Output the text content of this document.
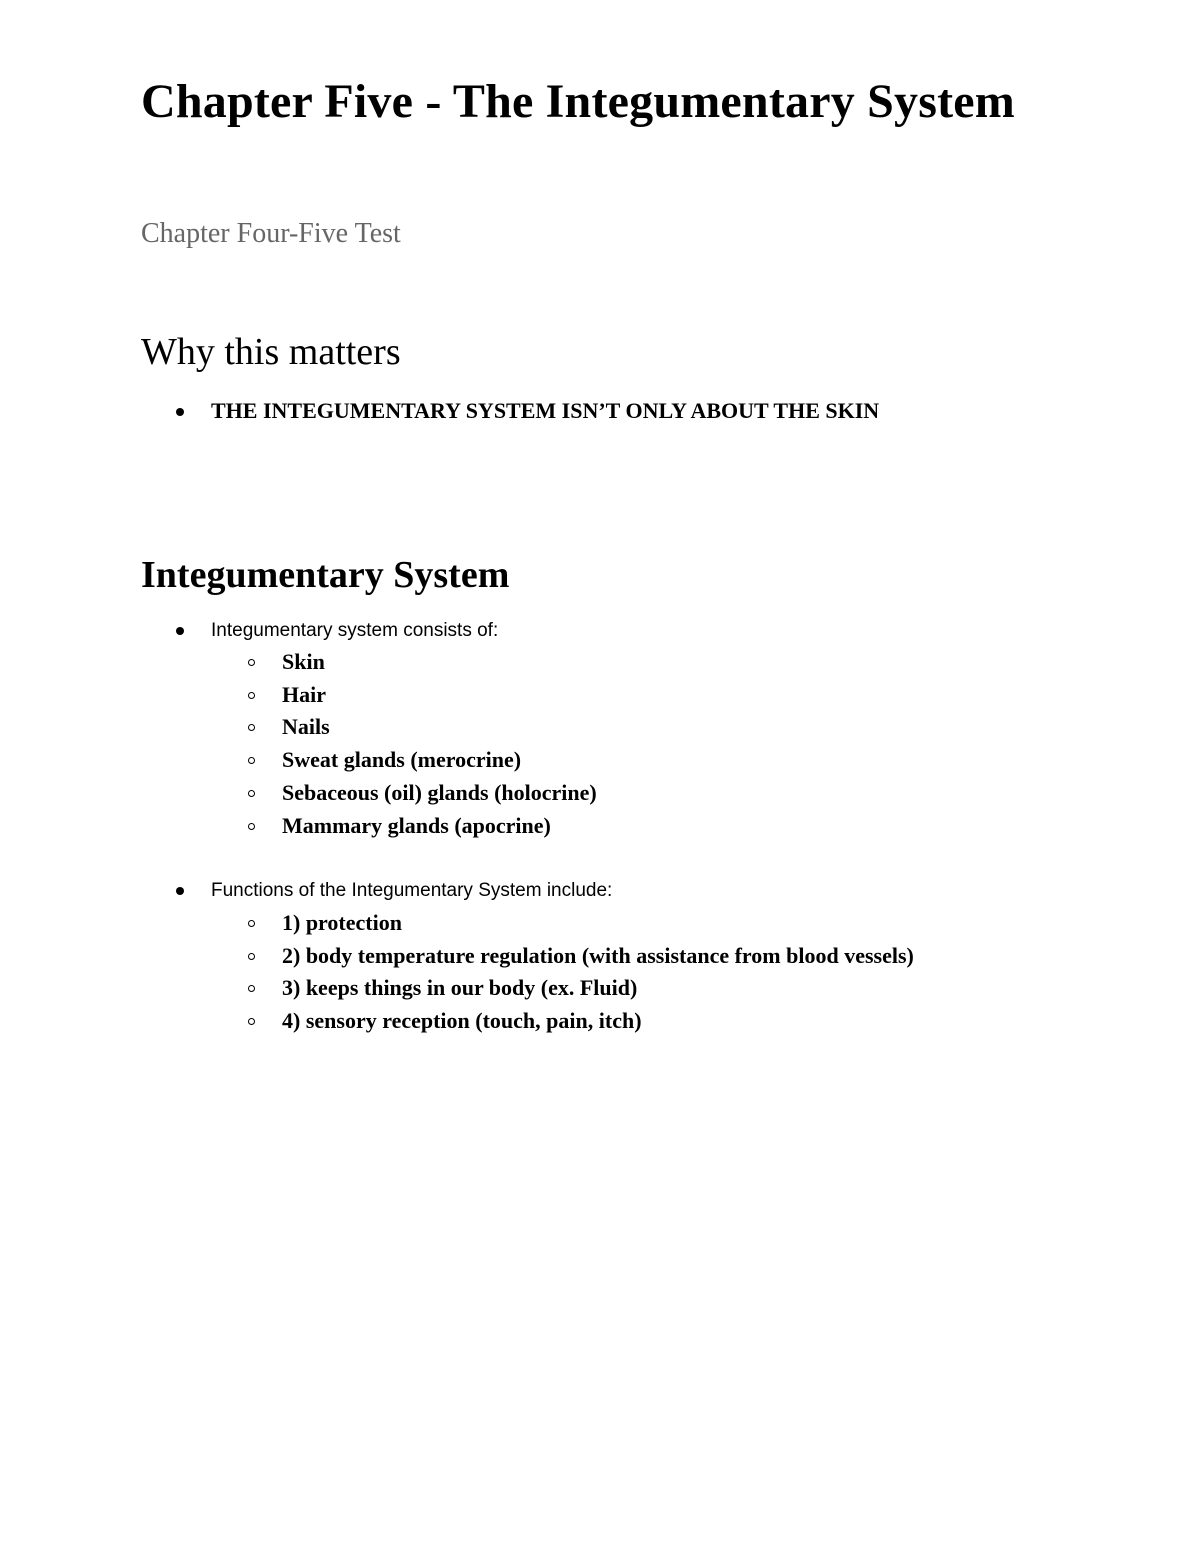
Chapter Five - The Integumentary System

Chapter Four-Five Test

Why this matters
THE INTEGUMENTARY SYSTEM ISN’T ONLY ABOUT THE SKIN
Integumentary System
Integumentary system consists of:
Skin
Hair
Nails
Sweat glands (merocrine)
Sebaceous (oil) glands (holocrine)
Mammary glands (apocrine)
Functions of the Integumentary System include:
1) protection
2) body temperature regulation (with assistance from blood vessels)
3) keeps things in our body (ex. Fluid)
4) sensory reception (touch, pain, itch)
